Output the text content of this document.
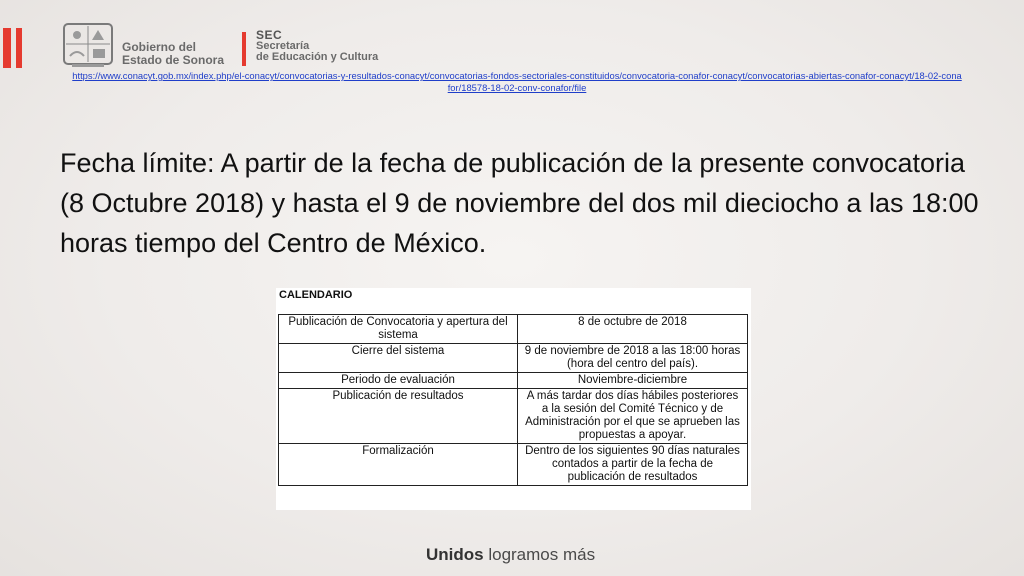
Gobierno del
Estado de Sonora
SEC
Secretaría
de Educación y Cultura
https://www.conacyt.gob.mx/index.php/el-conacyt/convocatorias-y-resultados-conacyt/convocatorias-fondos-sectoriales-constituidos/convocatoria-conafor-conacyt/convocatorias-abiertas-conafor-conacyt/18-02-conafor/18578-18-02-conv-conafor/file
Fecha límite: A partir de la fecha de publicación de la presente convocatoria (8 Octubre 2018) y hasta el 9 de noviembre del dos mil dieciocho a las 18:00 horas tiempo del Centro de México.
CALENDARIO
Publicación de Convocatoria y apertura del sistema	8 de octubre de 2018
Cierre del sistema	9 de noviembre de 2018 a las 18:00 horas (hora del centro del país).
Periodo de evaluación	Noviembre-diciembre
Publicación de resultados	A más tardar dos días hábiles posteriores a la sesión del Comité Técnico y de Administración por el que se aprueben las propuestas a apoyar.
Formalización	Dentro de los siguientes 90 días naturales contados a partir de la fecha de publicación de resultados
Unidos logramos más
